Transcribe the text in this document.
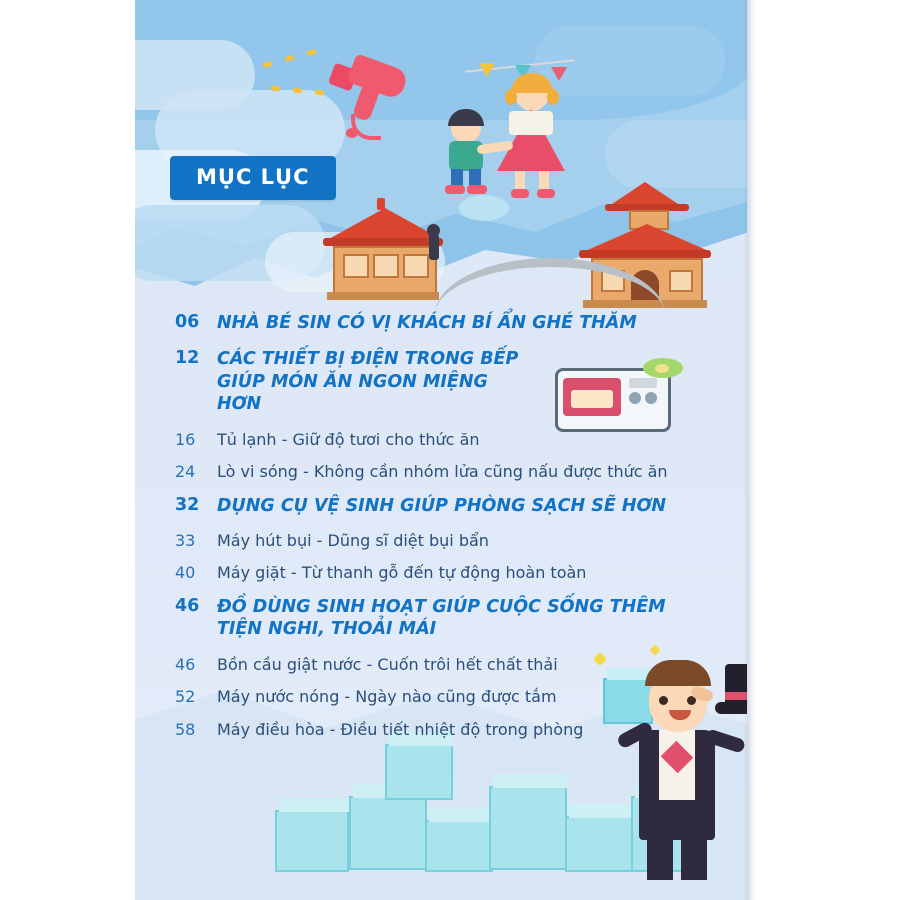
MỤC LỤC
06	NHÀ BÉ SIN CÓ VỊ KHÁCH BÍ ẨN GHÉ THĂM
12	CÁC THIẾT BỊ ĐIỆN TRONG BẾP GIÚP MÓN ĂN NGON MIỆNG HƠN
16	Tủ lạnh - Giữ độ tươi cho thức ăn
24	Lò vi sóng - Không cần nhóm lửa cũng nấu được thức ăn
32	DỤNG CỤ VỆ SINH GIÚP PHÒNG SẠCH SẼ HƠN
33	Máy hút bụi - Dũng sĩ diệt bụi bẩn
40	Máy giặt - Từ thanh gỗ đến tự động hoàn toàn
46	ĐỒ DÙNG SINH HOẠT GIÚP CUỘC SỐNG THÊM TIỆN NGHI, THOẢI MÁI
46	Bồn cầu giật nước - Cuốn trôi hết chất thải
52	Máy nước nóng - Ngày nào cũng được tắm
58	Máy điều hòa - Điều tiết nhiệt độ trong phòng
